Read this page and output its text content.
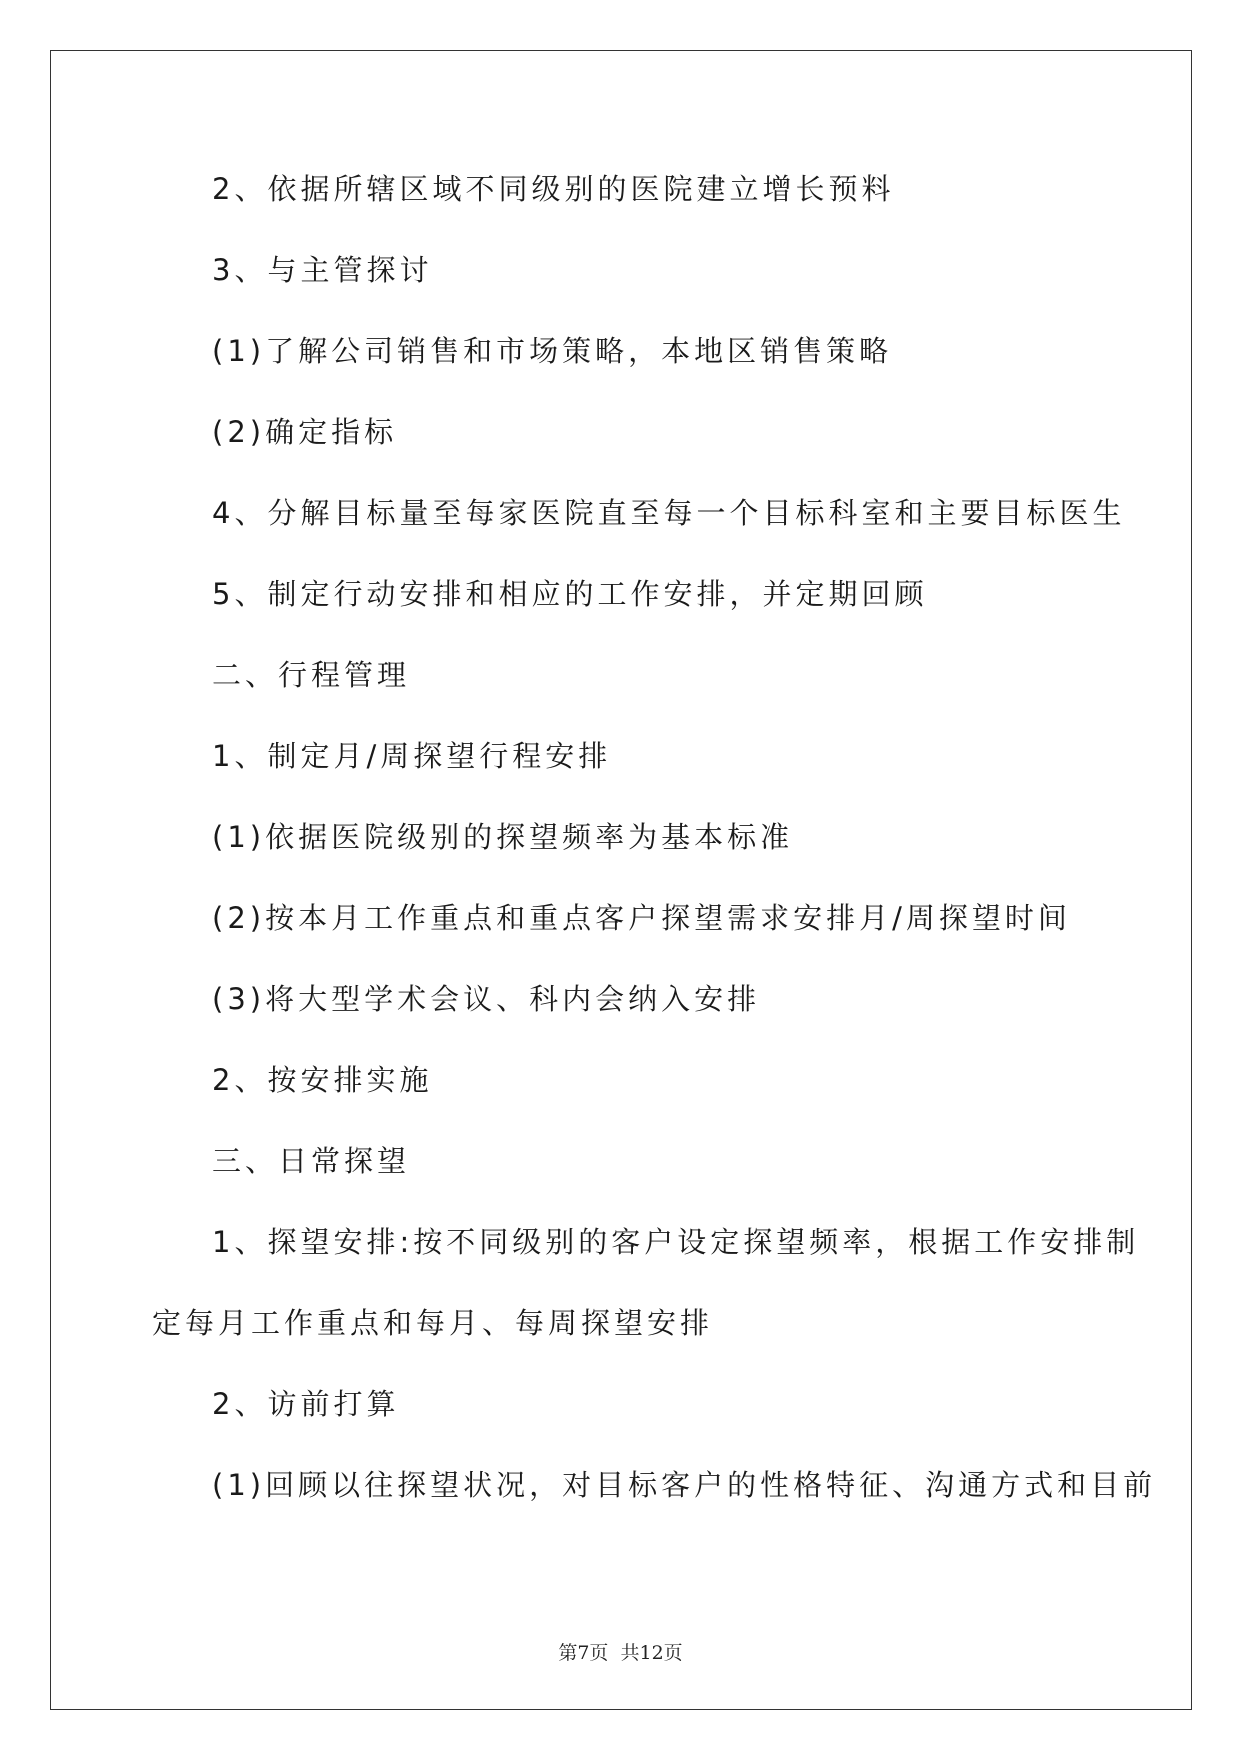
2、依据所辖区域不同级别的医院建立增长预料
3、与主管探讨
(1)了解公司销售和市场策略，本地区销售策略
(2)确定指标
4、分解目标量至每家医院直至每一个目标科室和主要目标医生
5、制定行动安排和相应的工作安排，并定期回顾
二、行程管理
1、制定月/周探望行程安排
(1)依据医院级别的探望频率为基本标准
(2)按本月工作重点和重点客户探望需求安排月/周探望时间
(3)将大型学术会议、科内会纳入安排
2、按安排实施
三、日常探望
1、探望安排:按不同级别的客户设定探望频率，根据工作安排制
定每月工作重点和每月、每周探望安排
2、访前打算
(1)回顾以往探望状况，对目标客户的性格特征、沟通方式和目前
第7页  共12页
